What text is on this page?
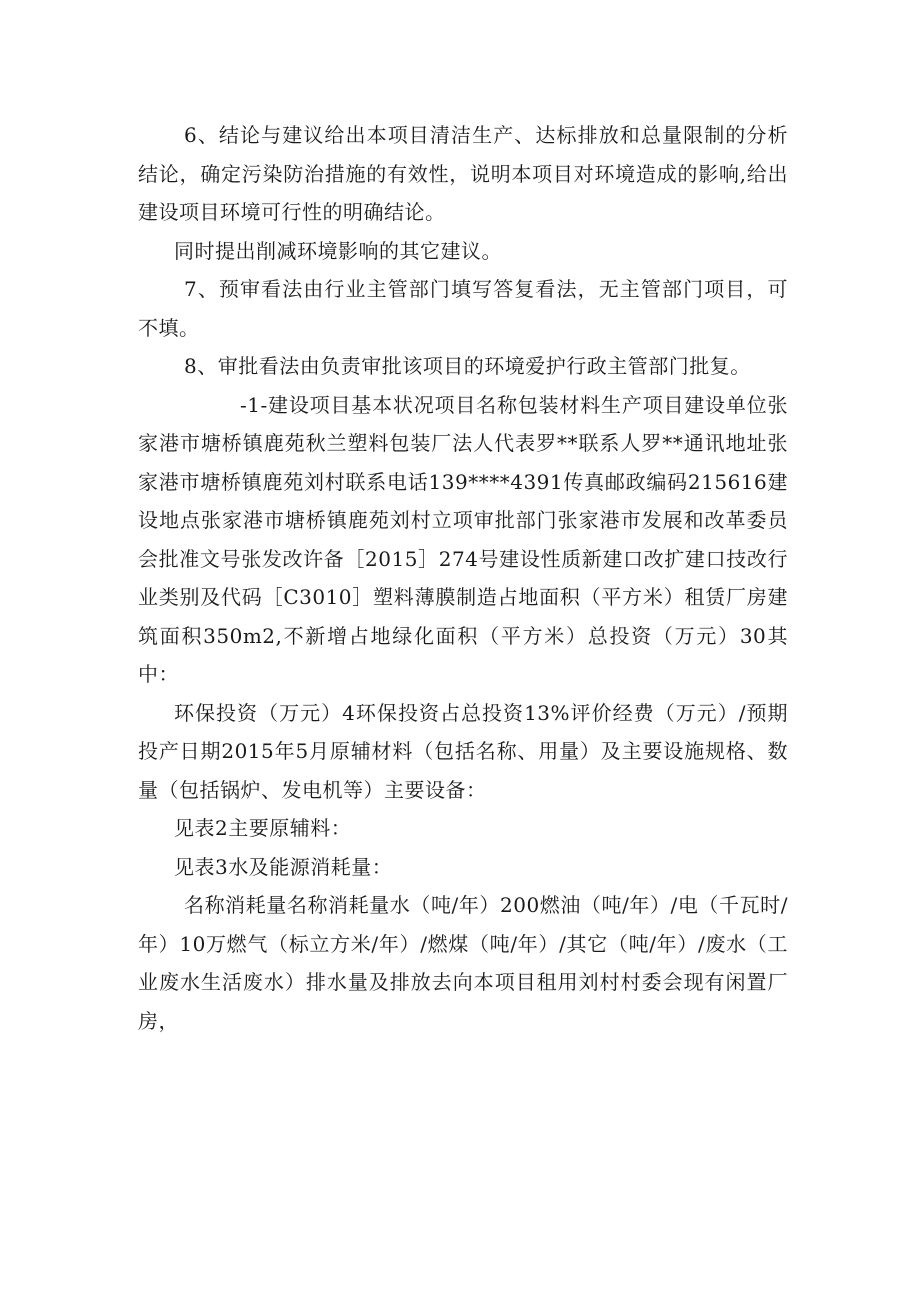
6、结论与建议给出本项目清洁生产、达标排放和总量限制的分析结论，确定污染防治措施的有效性，说明本项目对环境造成的影响,给出建设项目环境可行性的明确结论。

同时提出削减环境影响的其它建议。

7、预审看法由行业主管部门填写答复看法，无主管部门项目，可不填。

8、审批看法由负责审批该项目的环境爱护行政主管部门批复。

-1-建设项目基本状况项目名称包装材料生产项目建设单位张家港市塘桥镇鹿苑秋兰塑料包装厂法人代表罗**联系人罗**通讯地址张家港市塘桥镇鹿苑刘村联系电话139****4391传真邮政编码215616建设地点张家港市塘桥镇鹿苑刘村立项审批部门张家港市发展和改革委员会批准文号张发改许备［2015］274号建设性质新建口改扩建口技改行业类别及代码［C3010］塑料薄膜制造占地面积（平方米）租赁厂房建筑面积350m2,不新增占地绿化面积（平方米）总投资（万元）30其中：

环保投资（万元）4环保投资占总投资13%评价经费（万元）/预期投产日期2015年5月原辅材料（包括名称、用量）及主要设施规格、数量（包括锅炉、发电机等）主要设备：

见表2主要原辅料：

见表3水及能源消耗量：

名称消耗量名称消耗量水（吨/年）200燃油（吨/年）/电（千瓦时/年）10万燃气（标立方米/年）/燃煤（吨/年）/其它（吨/年）/废水（工业废水生活废水）排水量及排放去向本项目租用刘村村委会现有闲置厂房，
